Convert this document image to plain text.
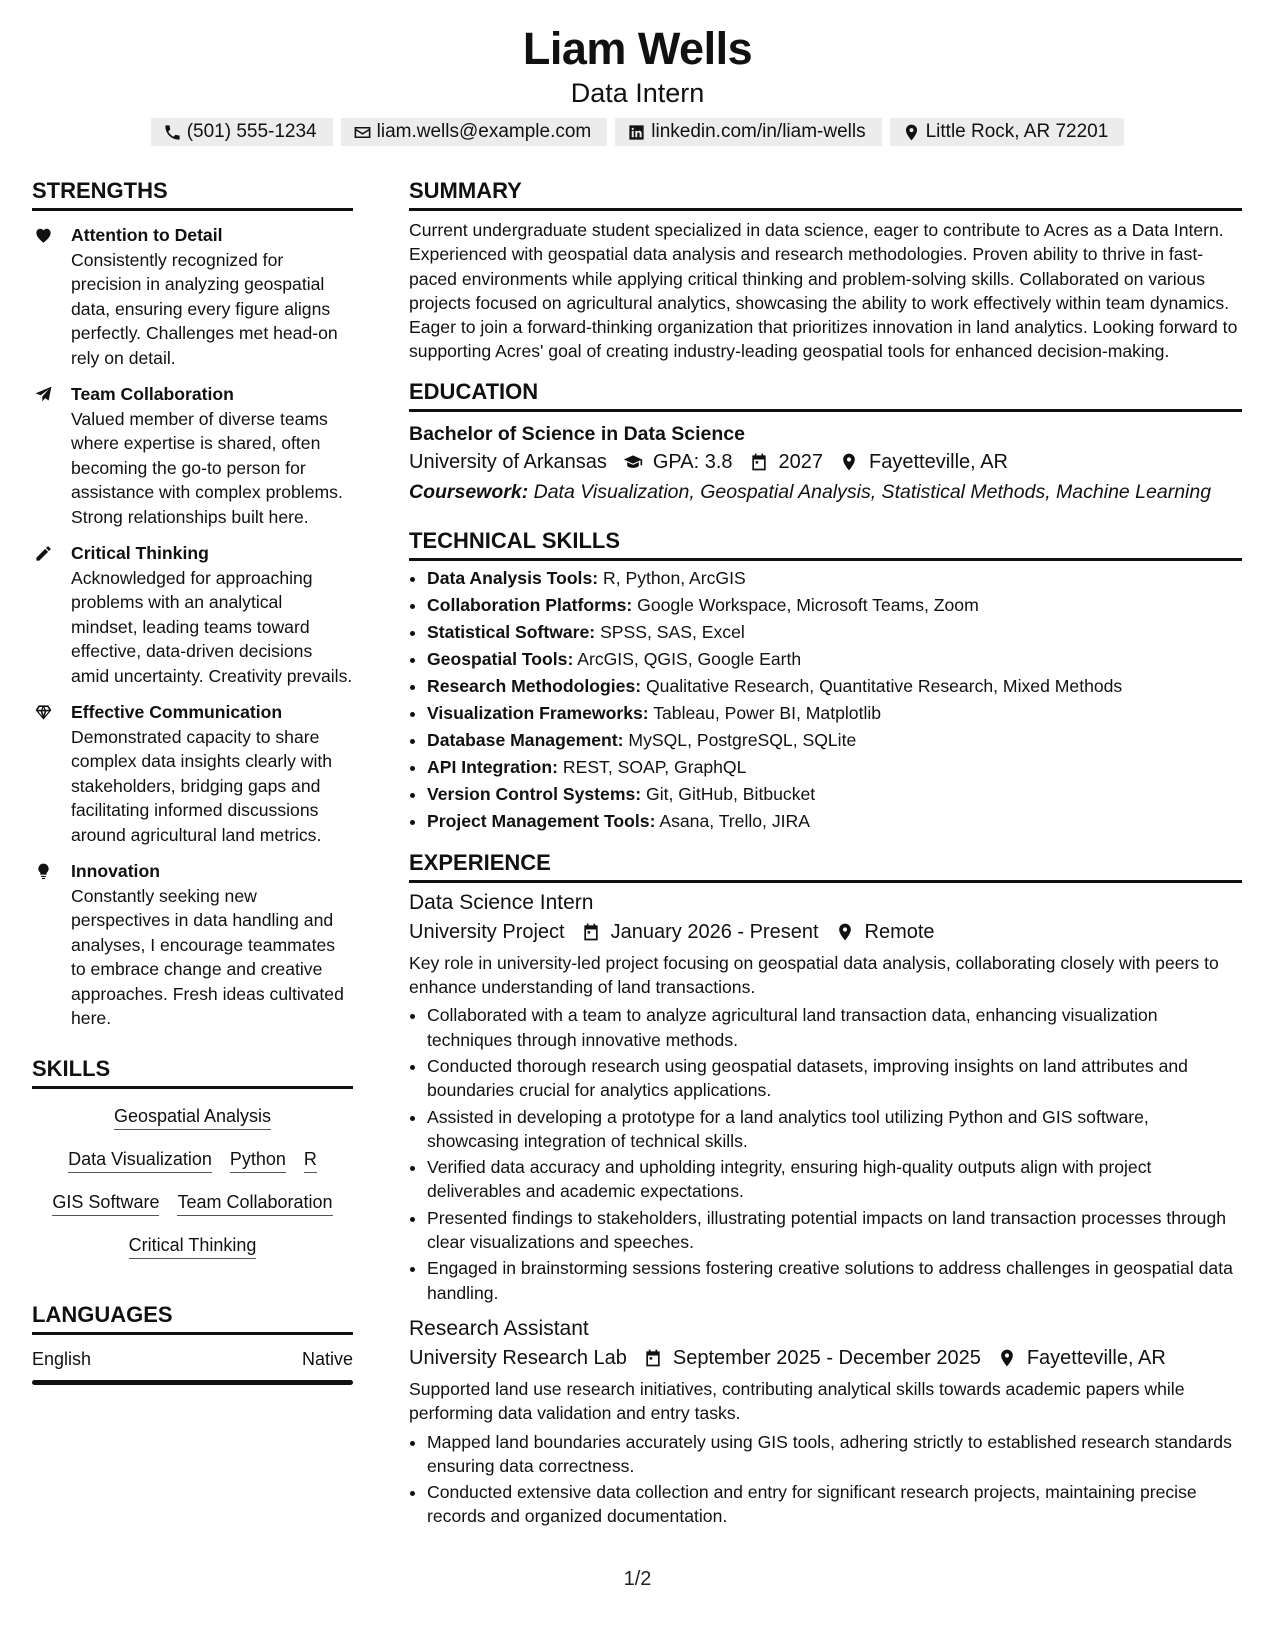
Liam Wells
Data Intern
(501) 555-1234	liam.wells@example.com	linkedin.com/in/liam-wells	Little Rock, AR 72201
STRENGTHS
Attention to Detail
Consistently recognized for precision in analyzing geospatial data, ensuring every figure aligns perfectly. Challenges met head-on rely on detail.
Team Collaboration
Valued member of diverse teams where expertise is shared, often becoming the go-to person for assistance with complex problems. Strong relationships built here.
Critical Thinking
Acknowledged for approaching problems with an analytical mindset, leading teams toward effective, data-driven decisions amid uncertainty. Creativity prevails.
Effective Communication
Demonstrated capacity to share complex data insights clearly with stakeholders, bridging gaps and facilitating informed discussions around agricultural land metrics.
Innovation
Constantly seeking new perspectives in data handling and analyses, I encourage teammates to embrace change and creative approaches. Fresh ideas cultivated here.
SKILLS
Geospatial Analysis
Data Visualization Python R
GIS Software Team Collaboration
Critical Thinking
LANGUAGES
English	Native
SUMMARY
Current undergraduate student specialized in data science, eager to contribute to Acres as a Data Intern. Experienced with geospatial data analysis and research methodologies. Proven ability to thrive in fast-paced environments while applying critical thinking and problem-solving skills. Collaborated on various projects focused on agricultural analytics, showcasing the ability to work effectively within team dynamics. Eager to join a forward-thinking organization that prioritizes innovation in land analytics. Looking forward to supporting Acres' goal of creating industry-leading geospatial tools for enhanced decision-making.
EDUCATION
Bachelor of Science in Data Science
University of Arkansas GPA: 3.8 2027 Fayetteville, AR
Coursework: Data Visualization, Geospatial Analysis, Statistical Methods, Machine Learning
TECHNICAL SKILLS
• Data Analysis Tools: R, Python, ArcGIS
• Collaboration Platforms: Google Workspace, Microsoft Teams, Zoom
• Statistical Software: SPSS, SAS, Excel
• Geospatial Tools: ArcGIS, QGIS, Google Earth
• Research Methodologies: Qualitative Research, Quantitative Research, Mixed Methods
• Visualization Frameworks: Tableau, Power BI, Matplotlib
• Database Management: MySQL, PostgreSQL, SQLite
• API Integration: REST, SOAP, GraphQL
• Version Control Systems: Git, GitHub, Bitbucket
• Project Management Tools: Asana, Trello, JIRA
EXPERIENCE
Data Science Intern
University Project January 2026 - Present Remote
Key role in university-led project focusing on geospatial data analysis, collaborating closely with peers to enhance understanding of land transactions.
• Collaborated with a team to analyze agricultural land transaction data, enhancing visualization techniques through innovative methods.
• Conducted thorough research using geospatial datasets, improving insights on land attributes and boundaries crucial for analytics applications.
• Assisted in developing a prototype for a land analytics tool utilizing Python and GIS software, showcasing integration of technical skills.
• Verified data accuracy and upholding integrity, ensuring high-quality outputs align with project deliverables and academic expectations.
• Presented findings to stakeholders, illustrating potential impacts on land transaction processes through clear visualizations and speeches.
• Engaged in brainstorming sessions fostering creative solutions to address challenges in geospatial data handling.
Research Assistant
University Research Lab September 2025 - December 2025 Fayetteville, AR
Supported land use research initiatives, contributing analytical skills towards academic papers while performing data validation and entry tasks.
• Mapped land boundaries accurately using GIS tools, adhering strictly to established research standards ensuring data correctness.
• Conducted extensive data collection and entry for significant research projects, maintaining precise records and organized documentation.
1/2
